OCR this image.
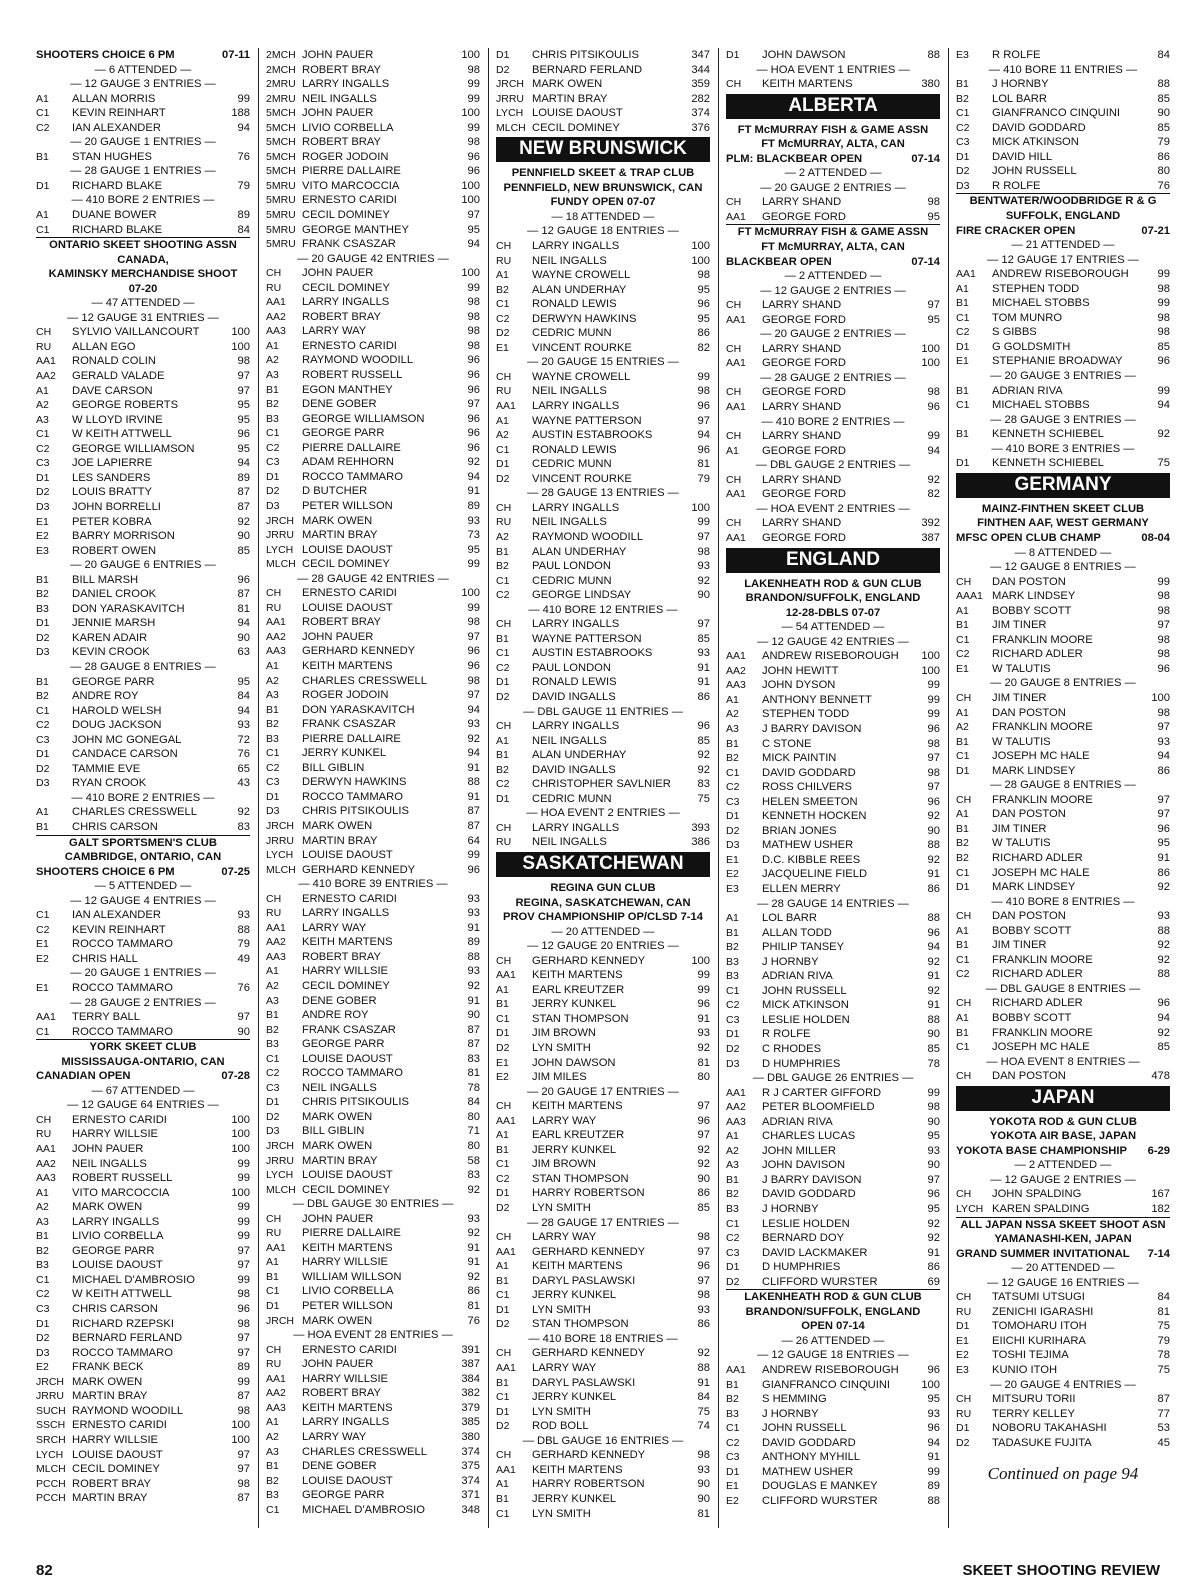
SHOOTERS CHOICE 6 PM	07-11
— 6 ATTENDED —
— 12 GAUGE 3 ENTRIES —
A1	ALLAN MORRIS	99
C1	KEVIN REINHART	188
C2	IAN ALEXANDER	94
— 20 GAUGE 1 ENTRIES —
B1	STAN HUGHES	76
— 28 GAUGE 1 ENTRIES —
D1	RICHARD BLAKE	79
— 410 BORE 2 ENTRIES —
A1	DUANE BOWER	89
C1	RICHARD BLAKE	84
ONTARIO SKEET SHOOTING ASSN
CANADA,
KAMINSKY MERCHANDISE SHOOT
07-20
— 47 ATTENDED —
— 12 GAUGE 31 ENTRIES —
CH	SYLVIO VAILLANCOURT	100
RU	ALLAN EGO	100
AA1	RONALD COLIN	98
AA2	GERALD VALADE	97
A1	DAVE CARSON	97
A2	GEORGE ROBERTS	95
A3	W LLOYD IRVINE	95
C1	W KEITH ATTWELL	96
C2	GEORGE WILLIAMSON	95
C3	JOE LAPIERRE	94
D1	LES SANDERS	89
D2	LOUIS BRATTY	87
D3	JOHN BORRELLI	87
E1	PETER KOBRA	92
E2	BARRY MORRISON	90
E3	ROBERT OWEN	85
— 20 GAUGE 6 ENTRIES —
B1	BILL MARSH	96
B2	DANIEL CROOK	87
B3	DON YARASKAVITCH	81
D1	JENNIE MARSH	94
D2	KAREN ADAIR	90
D3	KEVIN CROOK	63
— 28 GAUGE 8 ENTRIES —
B1	GEORGE PARR	95
B2	ANDRE ROY	84
C1	HAROLD WELSH	94
C2	DOUG JACKSON	93
C3	JOHN MC GONEGAL	72
D1	CANDACE CARSON	76
D2	TAMMIE EVE	65
D3	RYAN CROOK	43
— 410 BORE 2 ENTRIES —
A1	CHARLES CRESSWELL	92
B1	CHRIS CARSON	83
GALT SPORTSMEN'S CLUB
CAMBRIDGE, ONTARIO, CAN
SHOOTERS CHOICE 6 PM	07-25
— 5 ATTENDED —
— 12 GAUGE 4 ENTRIES —
C1	IAN ALEXANDER	93
C2	KEVIN REINHART	88
E1	ROCCO TAMMARO	79
E2	CHRIS HALL	49
— 20 GAUGE 1 ENTRIES —
E1	ROCCO TAMMARO	76
— 28 GAUGE 2 ENTRIES —
AA1	TERRY BALL	97
C1	ROCCO TAMMARO	90
YORK SKEET CLUB
MISSISSAUGA-ONTARIO, CAN
CANADIAN OPEN	07-28
— 67 ATTENDED —
— 12 GAUGE 64 ENTRIES —
CH	ERNESTO CARIDI	100
RU	HARRY WILLSIE	100
AA1	JOHN PAUER	100
AA2	NEIL INGALLS	99
AA3	ROBERT RUSSELL	99
A1	VITO MARCOCCIA	100
A2	MARK OWEN	99
A3	LARRY INGALLS	99
B1	LIVIO CORBELLA	99
B2	GEORGE PARR	97
B3	LOUISE DAOUST	97
C1	MICHAEL D'AMBROSIO	99
C2	W KEITH ATTWELL	98
C3	CHRIS CARSON	96
D1	RICHARD RZEPSKI	98
D2	BERNARD FERLAND	97
D3	ROCCO TAMMARO	97
E2	FRANK BECK	89
JRCH MARK OWEN	99
JRRU MARTIN BRAY	87
SUCH RAYMOND WOODILL	98
SSCH ERNESTO CARIDI	100
SRCH HARRY WILLSIE	100
LYCH LOUISE DAOUST	97
MLCH CECIL DOMINEY	97
PCCH ROBERT BRAY	98
PCCH MARTIN BRAY	87
2MCH JOHN PAUER	100
2MCH ROBERT BRAY	98
2MRU LARRY INGALLS	99
2MRU NEIL INGALLS	99
5MCH JOHN PAUER	100
5MCH LIVIO CORBELLA	99
5MCH ROBERT BRAY	98
5MCH ROGER JODOIN	96
5MCH PIERRE DALLAIRE	96
5MRU VITO MARCOCCIA	100
5MRU ERNESTO CARIDI	100
5MRU CECIL DOMINEY	97
5MRU GEORGE MANTHEY	95
5MRU FRANK CSASZAR	94
— 20 GAUGE 42 ENTRIES —
CH	JOHN PAUER	100
RU	CECIL DOMINEY	99
AA1	LARRY INGALLS	98
AA2	ROBERT BRAY	98
AA3	LARRY WAY	98
A1	ERNESTO CARIDI	98
A2	RAYMOND WOODILL	96
A3	ROBERT RUSSELL	96
B1	EGON MANTHEY	96
B2	DENE GOBER	97
B3	GEORGE WILLIAMSON	96
C1	GEORGE PARR	96
C2	PIERRE DALLAIRE	96
C3	ADAM REHHORN	92
D1	ROCCO TAMMARO	94
D2	D BUTCHER	91
D3	PETER WILLSON	89
JRCH MARK OWEN	93
JRRU MARTIN BRAY	73
LYCH LOUISE DAOUST	95
MLCH CECIL DOMINEY	99
— 28 GAUGE 42 ENTRIES —
CH	ERNESTO CARIDI	100
RU	LOUISE DAOUST	99
AA1	ROBERT BRAY	98
AA2	JOHN PAUER	97
AA3	GERHARD KENNEDY	96
A1	KEITH MARTENS	96
A2	CHARLES CRESSWELL	98
A3	ROGER JODOIN	97
B1	DON YARASKAVITCH	94
B2	FRANK CSASZAR	93
B3	PIERRE DALLAIRE	92
C1	JERRY KUNKEL	94
C2	BILL GIBLIN	91
C3	DERWYN HAWKINS	88
D1	ROCCO TAMMARO	91
D3	CHRIS PITSIKOULIS	87
JRCH MARK OWEN	87
JRRU MARTIN BRAY	64
LYCH LOUISE DAOUST	99
MLCH GERHARD KENNEDY	96
— 410 BORE 39 ENTRIES —
CH	ERNESTO CARIDI	93
RU	LARRY INGALLS	93
AA1	LARRY WAY	91
AA2	KEITH MARTENS	89
AA3	ROBERT BRAY	88
A1	HARRY WILLSIE	93
A2	CECIL DOMINEY	92
A3	DENE GOBER	91
B1	ANDRE ROY	90
B2	FRANK CSASZAR	87
B3	GEORGE PARR	87
C1	LOUISE DAOUST	83
C2	ROCCO TAMMARO	81
C3	NEIL INGALLS	78
D1	CHRIS PITSIKOULIS	84
D2	MARK OWEN	80
D3	BILL GIBLIN	71
JRCH MARK OWEN	80
JRRU MARTIN BRAY	58
LYCH LOUISE DAOUST	83
MLCH CECIL DOMINEY	92
— DBL GAUGE 30 ENTRIES —
CH	JOHN PAUER	93
RU	PIERRE DALLAIRE	92
AA1	KEITH MARTENS	91
A1	HARRY WILLSIE	91
B1	WILLIAM WILLSON	92
C1	LIVIO CORBELLA	86
D1	PETER WILLSON	81
JRCH MARK OWEN	76
— HOA EVENT 28 ENTRIES —
CH	ERNESTO CARIDI	391
RU	JOHN PAUER	387
AA1	HARRY WILLSIE	384
AA2	ROBERT BRAY	382
AA3	KEITH MARTENS	379
A1	LARRY INGALLS	385
A2	LARRY WAY	380
A3	CHARLES CRESSWELL	374
B1	DENE GOBER	375
B2	LOUISE DAOUST	374
B3	GEORGE PARR	371
C1	MICHAEL D'AMBROSIO	348
D1	CHRIS PITSIKOULIS	347
D2	BERNARD FERLAND	344
JRCH MARK OWEN	359
JRRU MARTIN BRAY	282
LYCH LOUISE DAOUST	374
MLCH CECIL DOMINEY	376
NEW BRUNSWICK
PENNFIELD SKEET & TRAP CLUB
PENNFIELD, NEW BRUNSWICK, CAN
FUNDY OPEN 07-07
— 18 ATTENDED —
— 12 GAUGE 18 ENTRIES —
CH	LARRY INGALLS	100
RU	NEIL INGALLS	100
A1	WAYNE CROWELL	98
B2	ALAN UNDERHAY	95
C1	RONALD LEWIS	96
C2	DERWYN HAWKINS	95
D2	CEDRIC MUNN	86
E1	VINCENT ROURKE	82
— 20 GAUGE 15 ENTRIES —
CH	WAYNE CROWELL	99
RU	NEIL INGALLS	98
AA1	LARRY INGALLS	96
A1	WAYNE PATTERSON	97
A2	AUSTIN ESTABROOKS	94
C1	RONALD LEWIS	96
D1	CEDRIC MUNN	81
D2	VINCENT ROURKE	79
— 28 GAUGE 13 ENTRIES —
CH	LARRY INGALLS	100
RU	NEIL INGALLS	99
A2	RAYMOND WOODILL	97
B1	ALAN UNDERHAY	98
B2	PAUL LONDON	93
C1	CEDRIC MUNN	92
C2	GEORGE LINDSAY	90
— 410 BORE 12 ENTRIES —
CH	LARRY INGALLS	97
B1	WAYNE PATTERSON	85
C1	AUSTIN ESTABROOKS	93
C2	PAUL LONDON	91
D1	RONALD LEWIS	91
D2	DAVID INGALLS	86
— DBL GAUGE 11 ENTRIES —
CH	LARRY INGALLS	96
A1	NEIL INGALLS	85
B1	ALAN UNDERHAY	92
B2	DAVID INGALLS	92
C2	CHRISTOPHER SAVLNIER	83
D1	CEDRIC MUNN	75
— HOA EVENT 2 ENTRIES —
CH	LARRY INGALLS	393
RU	NEIL INGALLS	386
SASKATCHEWAN
REGINA GUN CLUB
REGINA, SASKATCHEWAN, CAN
PROV CHAMPIONSHIP OP/CLSD 7-14
— 20 ATTENDED —
— 12 GAUGE 20 ENTRIES —
CH	GERHARD KENNEDY	100
AA1	KEITH MARTENS	99
A1	EARL KREUTZER	99
B1	JERRY KUNKEL	96
C1	STAN THOMPSON	91
D1	JIM BROWN	93
D2	LYN SMITH	92
E1	JOHN DAWSON	81
E2	JIM MILES	80
— 20 GAUGE 17 ENTRIES —
CH	KEITH MARTENS	97
AA1	LARRY WAY	96
A1	EARL KREUTZER	97
B1	JERRY KUNKEL	92
C1	JIM BROWN	92
C2	STAN THOMPSON	90
D1	HARRY ROBERTSON	86
D2	LYN SMITH	85
— 28 GAUGE 17 ENTRIES —
CH	LARRY WAY	98
AA1	GERHARD KENNEDY	97
A1	KEITH MARTENS	96
B1	DARYL PASLAWSKI	97
C1	JERRY KUNKEL	98
D1	LYN SMITH	93
D2	STAN THOMPSON	86
— 410 BORE 18 ENTRIES —
CH	GERHARD KENNEDY	92
AA1	LARRY WAY	88
B1	DARYL PASLAWSKI	91
C1	JERRY KUNKEL	84
D1	LYN SMITH	75
D2	ROD BOLL	74
— DBL GAUGE 16 ENTRIES —
CH	GERHARD KENNEDY	98
AA1	KEITH MARTENS	93
A1	HARRY ROBERTSON	90
B1	JERRY KUNKEL	90
C1	LYN SMITH	81
D1	JOHN DAWSON	88
— HOA EVENT 1 ENTRIES —
CH	KEITH MARTENS	380
ALBERTA
FT McMURRAY FISH & GAME ASSN
FT McMURRAY, ALTA, CAN
PLM: BLACKBEAR OPEN	07-14
— 2 ATTENDED —
— 20 GAUGE 2 ENTRIES —
CH	LARRY SHAND	98
AA1	GEORGE FORD	95
FT McMURRAY FISH & GAME ASSN
FT McMURRAY, ALTA, CAN
BLACKBEAR OPEN	07-14
— 2 ATTENDED —
— 12 GAUGE 2 ENTRIES —
CH	LARRY SHAND	97
AA1	GEORGE FORD	95
— 20 GAUGE 2 ENTRIES —
CH	LARRY SHAND	100
AA1	GEORGE FORD	100
— 28 GAUGE 2 ENTRIES —
CH	GEORGE FORD	98
AA1	LARRY SHAND	96
— 410 BORE 2 ENTRIES —
CH	LARRY SHAND	99
A1	GEORGE FORD	94
— DBL GAUGE 2 ENTRIES —
CH	LARRY SHAND	92
AA1	GEORGE FORD	82
— HOA EVENT 2 ENTRIES —
CH	LARRY SHAND	392
AA1	GEORGE FORD	387
ENGLAND
LAKENHEATH ROD & GUN CLUB
BRANDON/SUFFOLK, ENGLAND
12-28-DBLS 07-07
— 54 ATTENDED —
— 12 GAUGE 42 ENTRIES —
AA1	ANDREW RISEBOROUGH	100
AA2	JOHN HEWITT	100
AA3	JOHN DYSON	99
A1	ANTHONY BENNETT	99
A2	STEPHEN TODD	99
A3	J BARRY DAVISON	96
B1	C STONE	98
B2	MICK PAINTIN	97
C1	DAVID GODDARD	98
C2	ROSS CHILVERS	97
C3	HELEN SMEETON	96
D1	KENNETH HOCKEN	92
D2	BRIAN JONES	90
D3	MATHEW USHER	88
E1	D.C. KIBBLE REES	92
E2	JACQUELINE FIELD	91
E3	ELLEN MERRY	86
— 28 GAUGE 14 ENTRIES —
A1	LOL BARR	88
B1	ALLAN TODD	96
B2	PHILIP TANSEY	94
B3	J HORNBY	92
B3	ADRIAN RIVA	91
C1	JOHN RUSSELL	92
C2	MICK ATKINSON	91
C3	LESLIE HOLDEN	88
D1	R ROLFE	90
D2	C RHODES	85
D3	D HUMPHRIES	78
— DBL GAUGE 26 ENTRIES —
AA1	R J CARTER GIFFORD	99
AA2	PETER BLOOMFIELD	98
AA3	ADRIAN RIVA	90
A1	CHARLES LUCAS	95
A2	JOHN MILLER	93
A3	JOHN DAVISON	90
B1	J BARRY DAVISON	97
B2	DAVID GODDARD	96
B3	J HORNBY	95
C1	LESLIE HOLDEN	92
C2	BERNARD DOY	92
C3	DAVID LACKMAKER	91
D1	D HUMPHRIES	86
D2	CLIFFORD WURSTER	69
LAKENHEATH ROD & GUN CLUB
BRANDON/SUFFOLK, ENGLAND
OPEN 07-14
— 26 ATTENDED —
— 12 GAUGE 18 ENTRIES —
AA1	ANDREW RISEBOROUGH	96
B1	GIANFRANCO CINQUINI	100
B2	S HEMMING	95
B3	J HORNBY	93
C1	JOHN RUSSELL	96
C2	DAVID GODDARD	94
C3	ANTHONY MYHILL	91
D1	MATHEW USHER	99
E1	DOUGLAS E MANKEY	89
E2	CLIFFORD WURSTER	88
E3	R ROLFE	84
— 410 BORE 11 ENTRIES —
B1	J HORNBY	88
B2	LOL BARR	85
C1	GIANFRANCO CINQUINI	90
C2	DAVID GODDARD	85
C3	MICK ATKINSON	79
D1	DAVID HILL	86
D2	JOHN RUSSELL	80
D3	R ROLFE	76
BENTWATER/WOODBRIDGE R & G
SUFFOLK, ENGLAND
FIRE CRACKER OPEN	07-21
— 21 ATTENDED —
— 12 GAUGE 17 ENTRIES —
AA1	ANDREW RISEBOROUGH	99
A1	STEPHEN TODD	98
B1	MICHAEL STOBBS	99
C1	TOM MUNRO	98
C2	S GIBBS	98
D1	G GOLDSMITH	85
E1	STEPHANIE BROADWAY	96
— 20 GAUGE 3 ENTRIES —
B1	ADRIAN RIVA	99
C1	MICHAEL STOBBS	94
— 28 GAUGE 3 ENTRIES —
B1	KENNETH SCHIEBEL	92
— 410 BORE 3 ENTRIES —
D1	KENNETH SCHIEBEL	75
GERMANY
MAINZ-FINTHEN SKEET CLUB
FINTHEN AAF, WEST GERMANY
MFSC OPEN CLUB CHAMP	08-04
— 8 ATTENDED —
— 12 GAUGE 8 ENTRIES —
CH	DAN POSTON	99
AAA1 MARK LINDSEY	98
A1	BOBBY SCOTT	98
B1	JIM TINER	97
C1	FRANKLIN MOORE	98
C2	RICHARD ADLER	98
E1	W TALUTIS	96
— 20 GAUGE 8 ENTRIES —
CH	JIM TINER	100
A1	DAN POSTON	98
A2	FRANKLIN MOORE	97
B1	W TALUTIS	93
C1	JOSEPH MC HALE	94
D1	MARK LINDSEY	86
— 28 GAUGE 8 ENTRIES —
CH	FRANKLIN MOORE	97
A1	DAN POSTON	97
B1	JIM TINER	96
B2	W TALUTIS	95
B2	RICHARD ADLER	91
C1	JOSEPH MC HALE	86
D1	MARK LINDSEY	92
— 410 BORE 8 ENTRIES —
CH	DAN POSTON	93
A1	BOBBY SCOTT	88
B1	JIM TINER	92
C1	FRANKLIN MOORE	92
C2	RICHARD ADLER	88
— DBL GAUGE 8 ENTRIES —
CH	RICHARD ADLER	96
A1	BOBBY SCOTT	94
B1	FRANKLIN MOORE	92
C1	JOSEPH MC HALE	85
— HOA EVENT 8 ENTRIES —
CH	DAN POSTON	478
JAPAN
YOKOTA ROD & GUN CLUB
YOKOTA AIR BASE, JAPAN
YOKOTA BASE CHAMPIONSHIP	6-29
— 2 ATTENDED —
— 12 GAUGE 2 ENTRIES —
CH	JOHN SPALDING	167
LYCH KAREN SPALDING	182
ALL JAPAN NSSA SKEET SHOOT ASN
YAMANASHI-KEN, JAPAN
GRAND SUMMER INVITATIONAL	7-14
— 20 ATTENDED —
— 12 GAUGE 16 ENTRIES —
CH	TATSUMI UTSUGI	84
RU	ZENICHI IGARASHI	81
D1	TOMOHARU ITOH	75
E1	EIICHI KURIHARA	79
E2	TOSHI TEJIMA	78
E3	KUNIO ITOH	75
— 20 GAUGE 4 ENTRIES —
CH	MITSURU TORII	87
RU	TERRY KELLEY	77
D1	NOBORU TAKAHASHI	53
D2	TADASUKE FUJITA	45
Continued on page 94
82	SKEET SHOOTING REVIEW
